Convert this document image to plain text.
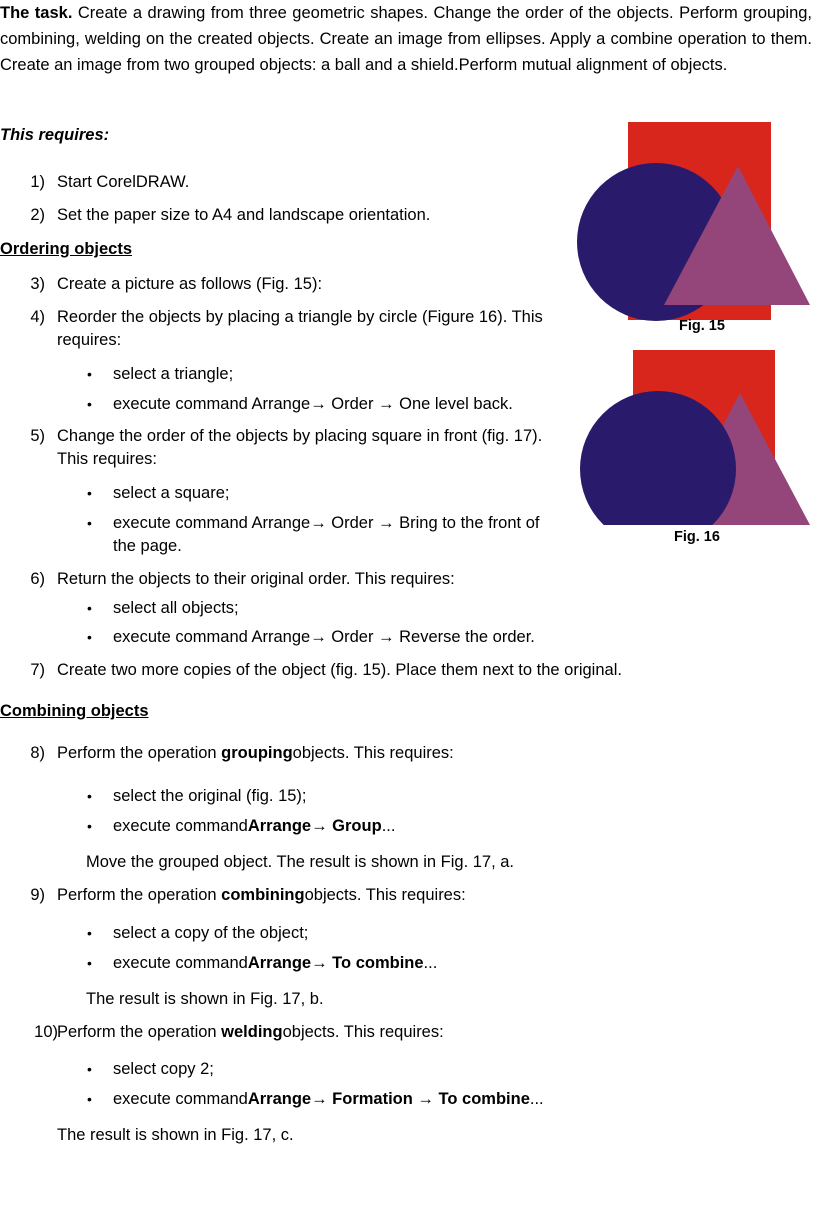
The task. Create a drawing from three geometric shapes. Change the order of the objects. Perform grouping, combining, welding on the created objects. Create an image from ellipses. Apply a combine operation to them. Create an image from two grouped objects: a ball and a shield.Perform mutual alignment of objects.

This requires:
1) Start CorelDRAW.
2) Set the paper size to A4 and landscape orientation.
Ordering objects
3) Create a picture as follows (Fig. 15):
4) Reorder the objects by placing a triangle by circle (Figure 16). This
requires:
• select a triangle;
• execute command Arrange→ Order → One level back.
5) Change the order of the objects by placing square in front (fig. 17).
This requires:
• select a square;
• execute command Arrange→ Order → Bring to the front of
the page.
6) Return the objects to their original order. This requires:
• select all objects;
• execute command Arrange→ Order → Reverse the order.
7) Create two more copies of the object (fig. 15). Place them next to the original.
Combining objects
8) Perform the operation groupingobjects. This requires:
• select the original (fig. 15);
• execute commandArrange→ Group...
Move the grouped object. The result is shown in Fig. 17, a.
9) Perform the operation combiningobjects. This requires:
• select a copy of the object;
• execute commandArrange→ To combine...
The result is shown in Fig. 17, b.
10) Perform the operation weldingobjects. This requires:
• select copy 2;
• execute commandArrange→ Formation → To combine...
The result is shown in Fig. 17, c.
Fig. 15
Fig. 16
